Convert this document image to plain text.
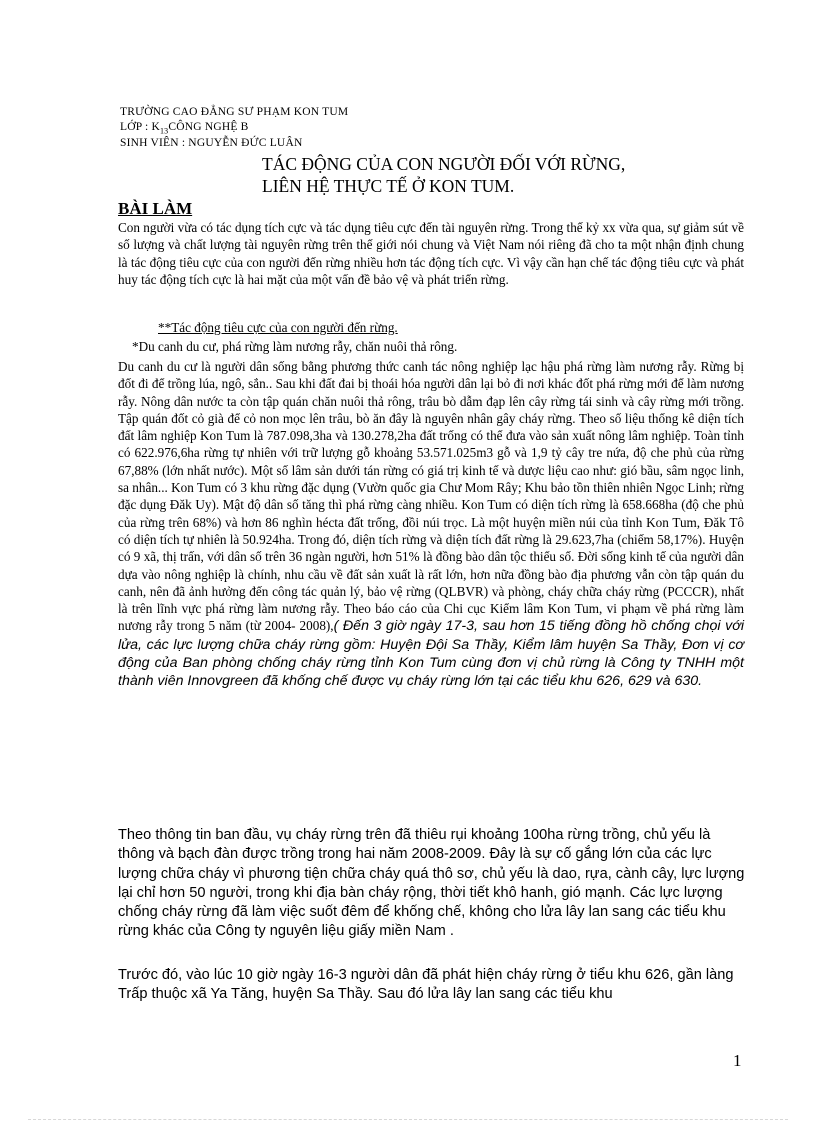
TRƯỜNG CAO ĐẲNG SƯ PHẠM KON TUM
LỚP : $K_{13}CÔNG$ NGHỆ B
SINH VIÊN : NGUYỄN ĐỨC LUÂN
TÁC ĐỘNG CỦA CON NGƯỜI ĐỐI VỚI RỪNG,
LIÊN HỆ THỰC TẾ Ở KON TUM.
BÀI LÀM
Con người vừa có tác dụng tích cực và tác dụng tiêu cực đến tài nguyên rừng. Trong thế kỷ xx vừa qua, sự giảm sút về số lượng và chất lượng tài nguyên rừng trên thế giới nói chung và Việt Nam nói riêng đã cho ta một nhận định chung là tác động tiêu cực của con người đến rừng nhiều hơn tác động tích cực. Vì vậy cần hạn chế tác động tiêu cực và phát huy tác động tích cực là hai mặt của một vấn đề bảo vệ và phát triển rừng.
**Tác động tiêu cực của con người đến rừng.
*Du canh du cư, phá rừng làm nương rẫy, chăn nuôi thả rông.
Du canh du cư là người dân sống bằng phương thức canh tác nông nghiệp lạc hậu phá rừng làm nương rẫy. Rừng bị đốt đi để trồng lúa, ngô, sắn.. Sau khi đất đai bị thoái hóa người dân lại bỏ đi nơi khác đốt phá rừng mới để làm nương rẫy. Nông dân nước ta còn tập quán chăn nuôi thả rông, trâu bò dẫm đạp lên cây rừng tái sinh và cây rừng mới trồng. Tập quán đốt cỏ già để cỏ non mọc lên trâu, bò ăn đây là nguyên nhân gây cháy rừng. Theo số liệu thống kê diện tích đất lâm nghiệp Kon Tum là 787.098,3ha và 130.278,2ha đất trống có thể đưa vào sản xuất nông lâm nghiệp. Toàn tỉnh có 622.976,6ha rừng tự nhiên với trữ lượng gỗ khoảng 53.571.025m3 gỗ và 1,9 tỷ cây tre nứa, độ che phủ của rừng 67,88% (lớn nhất nước). Một số lâm sản dưới tán rừng có giá trị kinh tế và dược liệu cao như: gió bầu, sâm ngọc linh, sa nhân... Kon Tum có 3 khu rừng đặc dụng (Vườn quốc gia Chư Mom Rây; Khu bảo tồn thiên nhiên Ngọc Linh; rừng đặc dụng Đăk Uy). Mật độ dân số tăng thì phá rừng càng nhiều. Kon Tum có diện tích rừng là 658.668ha (độ che phủ của rừng trên 68%) và hơn 86 nghìn hécta đất trống, đồi núi trọc. Là một huyện miền núi của tỉnh Kon Tum, Đăk Tô có diện tích tự nhiên là 50.924ha. Trong đó, diện tích rừng và diện tích đất rừng là 29.623,7ha (chiếm 58,17%). Huyện có 9 xã, thị trấn, với dân số trên 36 ngàn người, hơn 51% là đồng bào dân tộc thiểu số. Đời sống kinh tế của người dân dựa vào nông nghiệp là chính, nhu cầu về đất sản xuất là rất lớn, hơn nữa đồng bào địa phương vẫn còn tập quán du canh, nên đã ảnh hưởng đến công tác quản lý, bảo vệ rừng (QLBVR) và phòng, cháy chữa cháy rừng (PCCCR), nhất là trên lĩnh vực phá rừng làm nương rẫy. Theo báo cáo của Chi cục Kiểm lâm Kon Tum, vi phạm về phá rừng làm nương rẫy trong 5 năm (từ 2004- 2008),( Đến 3 giờ ngày 17-3, sau hơn 15 tiếng đồng hồ chống chọi với lửa, các lực lượng chữa cháy rừng gồm: Huyện Đội Sa Thầy, Kiểm lâm huyện Sa Thầy, Đơn vị cơ động của Ban phòng chống cháy rừng tỉnh Kon Tum cùng đơn vị chủ rừng là Công ty TNHH một thành viên Innovgreen đã khống chế được vụ cháy rừng lớn tại các tiểu khu 626, 629 và 630.
Theo thông tin ban đầu, vụ cháy rừng trên đã thiêu rụi khoảng 100ha rừng trồng, chủ yếu là thông và bạch đàn được trồng trong hai năm 2008-2009. Đây là sự cố gắng lớn của các lực lượng chữa cháy vì phương tiện chữa cháy quá thô sơ, chủ yếu là dao, rựa, cành cây, lực lượng lại chỉ hơn 50 người, trong khi địa bàn cháy rộng, thời tiết khô hanh, gió mạnh. Các lực lượng chống cháy rừng đã làm việc suốt đêm để khống chế, không cho lửa lây lan sang các tiểu khu rừng khác của Công ty nguyên liệu giấy miền Nam .
Trước đó, vào lúc 10 giờ ngày 16-3 người dân đã phát hiện cháy rừng ở tiểu khu 626, gần làng Trấp thuộc xã Ya Tăng, huyện Sa Thầy. Sau đó lửa lây lan sang các tiểu khu
1
